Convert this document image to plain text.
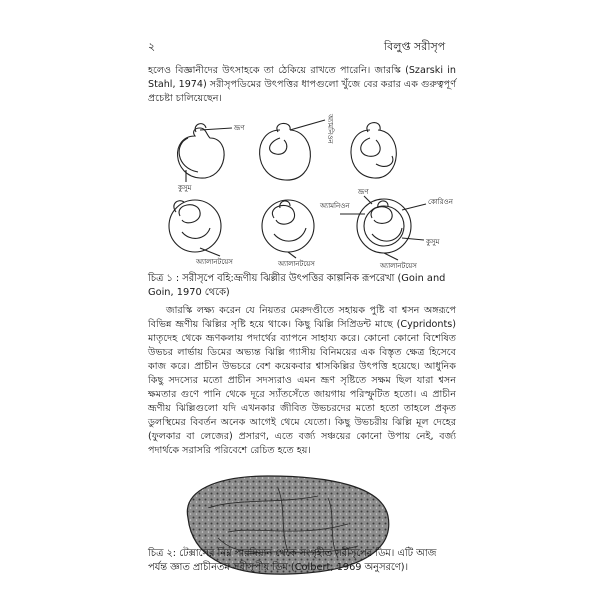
২	বিলুপ্ত সরীসৃপ

হলেও বিজ্ঞানীদের উৎসাহকে তা ঠেকিয়ে রাখতে পারেনি। জারস্কি (Szarski in Stahl, 1974) সরীসৃপডিমের উৎপত্তির ধাপগুলো খুঁজে বের করার এক গুরুত্বপূর্ণ প্রচেষ্টা চালিয়েছেন।

ভ্রূণ
কুসুম
অ্যামনিওন
ভ্রূণ
অ্যামনিওন	কোরিওন
কুসুম
অ্যালানটয়েস	অ্যালানটয়েস	অ্যালানটয়েস
চিত্র ১ : সরীসৃপে বহি:ভ্রূণীয় ঝিল্লীর উৎপত্তির কাল্পনিক রূপরেখা (Goin and Goin, 1970 থেকে)

জারস্কি লক্ষ্য করেন যে নিয়তর মেরুদণ্ডীতে সহায়ক পুষ্টি বা শ্বসন অঙ্গরূপে বিভিন্ন ভ্রূণীয় ঝিল্লির সৃষ্টি হয়ে থাকে। কিছু ঝিল্লি সিপ্রিডন্ট মাছে (Cypridonts) মাতৃদেহ থেকে ভ্রূণকলায় পদার্থের ব্যাপনে সাহায্য করে। কোনো কোনো বিশেষিত উভচর লার্ভায় ডিমের অভ্যন্ত ঝিল্লি গ্যাসীয় বিনিময়ের এক বিস্তৃত ক্ষেত্র হিসেবে কাজ করে। প্রাচীন উভচরে বেশ কয়েকবার শ্বাসকিল্লির উৎপত্তি হয়েছে। আধুনিক কিছু সদস্যের মতো প্রাচীন সদস্যরাও এমন ভ্রূণ সৃষ্টিতে সক্ষম ছিল যারা শ্বসন ক্ষমতার গুণে পানি থেকে দূরে স্যাঁতসেঁতে জায়গায় পরিস্ফুটিত হতো। এ প্রাচীন ভ্রূণীয় ঝিল্লিগুলো যদি এখনকার জীবিত উভচরদের মতো হতো তাহলে প্রকৃত ডুলস্থিমের বিবর্তন অনেক আগেই থেমে যেতো। কিছু উভচরীয় ঝিল্লি মূল দেহের (ফুলকার বা লেজের) প্রসারণ, এতে বর্জ্য সঞ্চয়ের কোনো উপায় নেই, বর্জ্য পদার্থকে সরাসরি পরিবেশে রেচিত হতে হয়।

চিত্র ২: টেক্সাসের নিম্ন পারমিয়ান থেকে সংগৃহীত সরীসৃপের ডিম। এটি আজ পর্যন্ত জ্ঞাত প্রাচীনতম সরীসৃপীয় ডিম (Colbert, 1969 অনুসরণে)।
